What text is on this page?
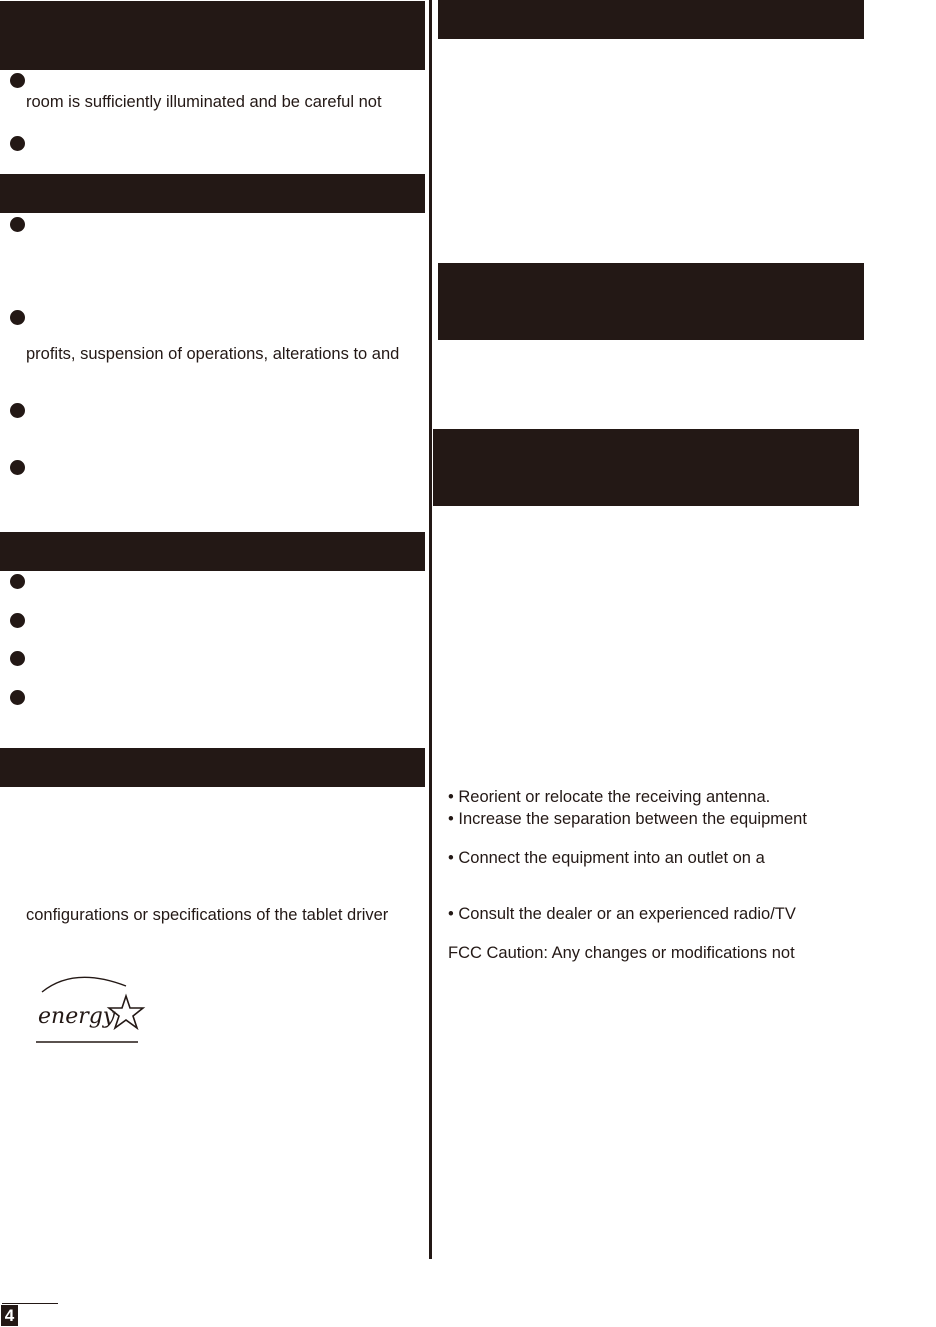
room is sufficiently illuminated and be careful not
profits, suspension of operations, alterations to and
configurations or specifications of the tablet driver
energy
• Reorient or relocate the receiving antenna.
• Increase the separation between the equipment
• Connect the equipment into an outlet on a
• Consult the dealer or an experienced radio/TV
FCC Caution: Any changes or modifications not
4
